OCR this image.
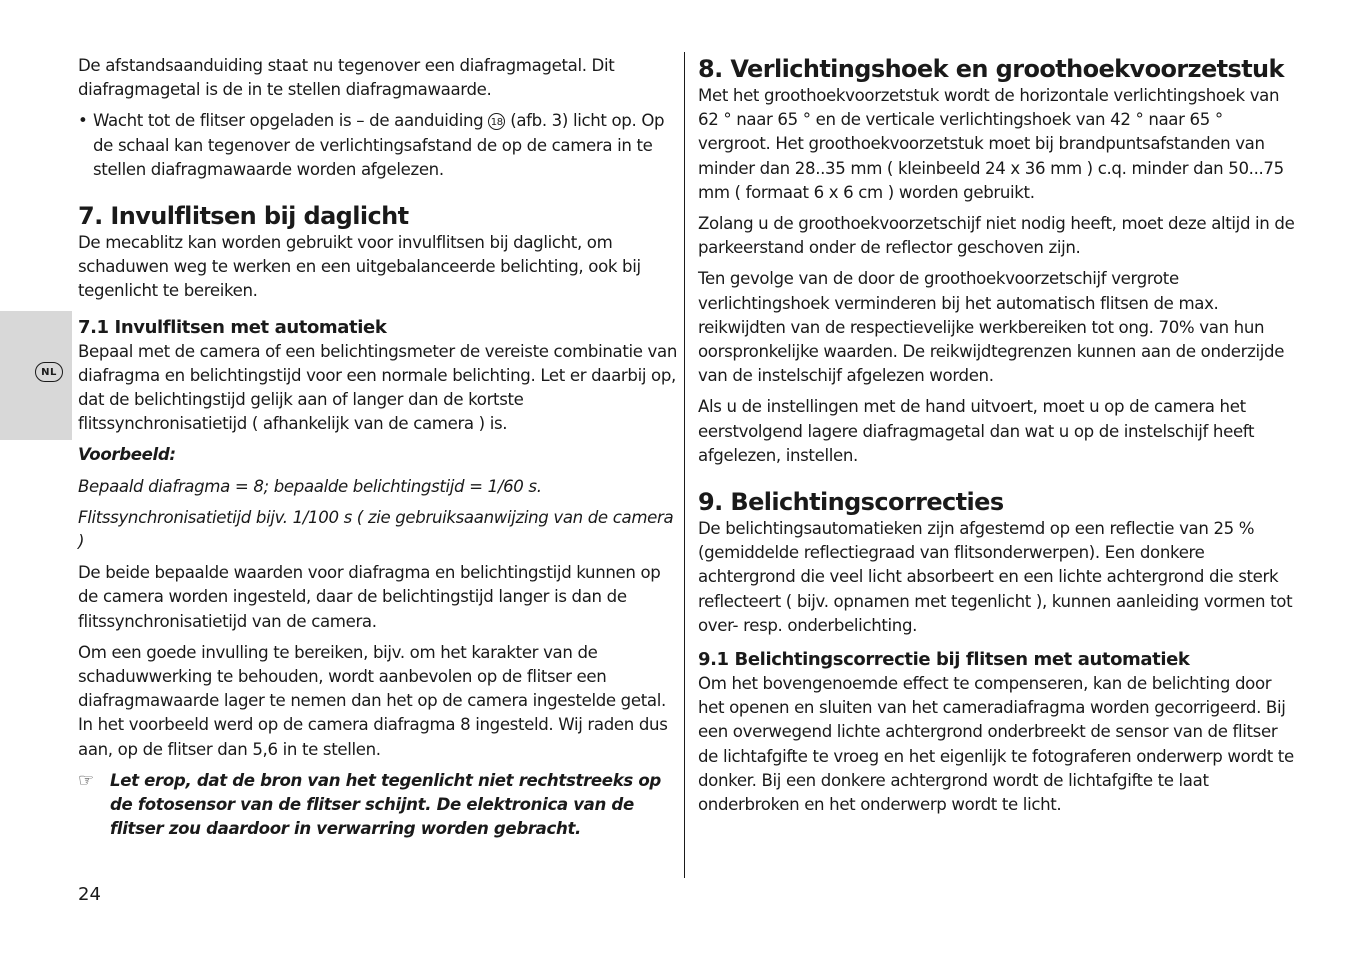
NL

De afstandsaanduiding staat nu tegenover een diafragmagetal. Dit diafragmagetal is de in te stellen diafragmawaarde.

• Wacht tot de flitser opgeladen is – de aanduiding 18 (afb. 3) licht op. Op de schaal kan tegenover de verlichtingsafstand de op de camera in te stellen diafragmawaarde worden afgelezen.

7. Invulflitsen bij daglicht

De mecablitz kan worden gebruikt voor invulflitsen bij daglicht, om schaduwen weg te werken en een uitgebalanceerde belichting, ook bij tegenlicht te bereiken.

7.1 Invulflitsen met automatiek

Bepaal met de camera of een belichtingsmeter de vereiste combinatie van diafragma en belichtingstijd voor een normale belichting. Let er daarbij op, dat de belichtingstijd gelijk aan of langer dan de kortste flitssynchronisatietijd ( afhankelijk van de camera ) is.

Voorbeeld:

Bepaald diafragma = 8; bepaalde belichtingstijd = 1/60 s.

Flitssynchronisatietijd bijv. 1/100 s ( zie gebruiksaanwijzing van de camera )

De beide bepaalde waarden voor diafragma en belichtingstijd kunnen op de camera worden ingesteld, daar de belichtingstijd langer is dan de flitssynchronisatietijd van de camera.

Om een goede invulling te bereiken, bijv. om het karakter van de schaduwwerking te behouden, wordt aanbevolen op de flitser een diafragmawaarde lager te nemen dan het op de camera ingestelde getal. In het voorbeeld werd op de camera diafragma 8 ingesteld. Wij raden dus aan, op de flitser dan 5,6 in te stellen.

☞ Let erop, dat de bron van het tegenlicht niet rechtstreeks op de fotosensor van de flitser schijnt. De elektronica van de flitser zou daardoor in verwarring worden gebracht.

8. Verlichtingshoek en groothoekvoorzetstuk

Met het groothoekvoorzetstuk wordt de horizontale verlichtingshoek van 62 ° naar 65 ° en de verticale verlichtingshoek van 42 ° naar 65 ° vergroot. Het groothoekvoorzetstuk moet bij brandpuntsafstanden van minder dan 28..35 mm ( kleinbeeld 24 x 36 mm ) c.q. minder dan 50...75 mm ( formaat 6 x 6 cm ) worden gebruikt.

Zolang u de groothoekvoorzetschijf niet nodig heeft, moet deze altijd in de parkeerstand onder de reflector geschoven zijn.

Ten gevolge van de door de groothoekvoorzetschijf vergrote verlichtingshoek verminderen bij het automatisch flitsen de max. reikwijdten van de respectievelijke werkbereiken tot ong. 70% van hun oorspronkelijke waarden. De reikwijdtegrenzen kunnen aan de onderzijde van de instelschijf afgelezen worden.

Als u de instellingen met de hand uitvoert, moet u op de camera het eerstvolgend lagere diafragmagetal dan wat u op de instelschijf heeft afgelezen, instellen.

9. Belichtingscorrecties

De belichtingsautomatieken zijn afgestemd op een reflectie van 25 % (gemiddelde reflectiegraad van flitsonderwerpen). Een donkere achtergrond die veel licht absorbeert en een lichte achtergrond die sterk reflecteert ( bijv. opnamen met tegenlicht ), kunnen aanleiding vormen tot over- resp. onderbelichting.

9.1 Belichtingscorrectie bij flitsen met automatiek

Om het bovengenoemde effect te compenseren, kan de belichting door het openen en sluiten van het cameradiafragma worden gecorrigeerd. Bij een overwegend lichte achtergrond onderbreekt de sensor van de flitser de lichtafgifte te vroeg en het eigenlijk te fotograferen onderwerp wordt te donker. Bij een donkere achtergrond wordt de lichtafgifte te laat onderbroken en het onderwerp wordt te licht.

24
